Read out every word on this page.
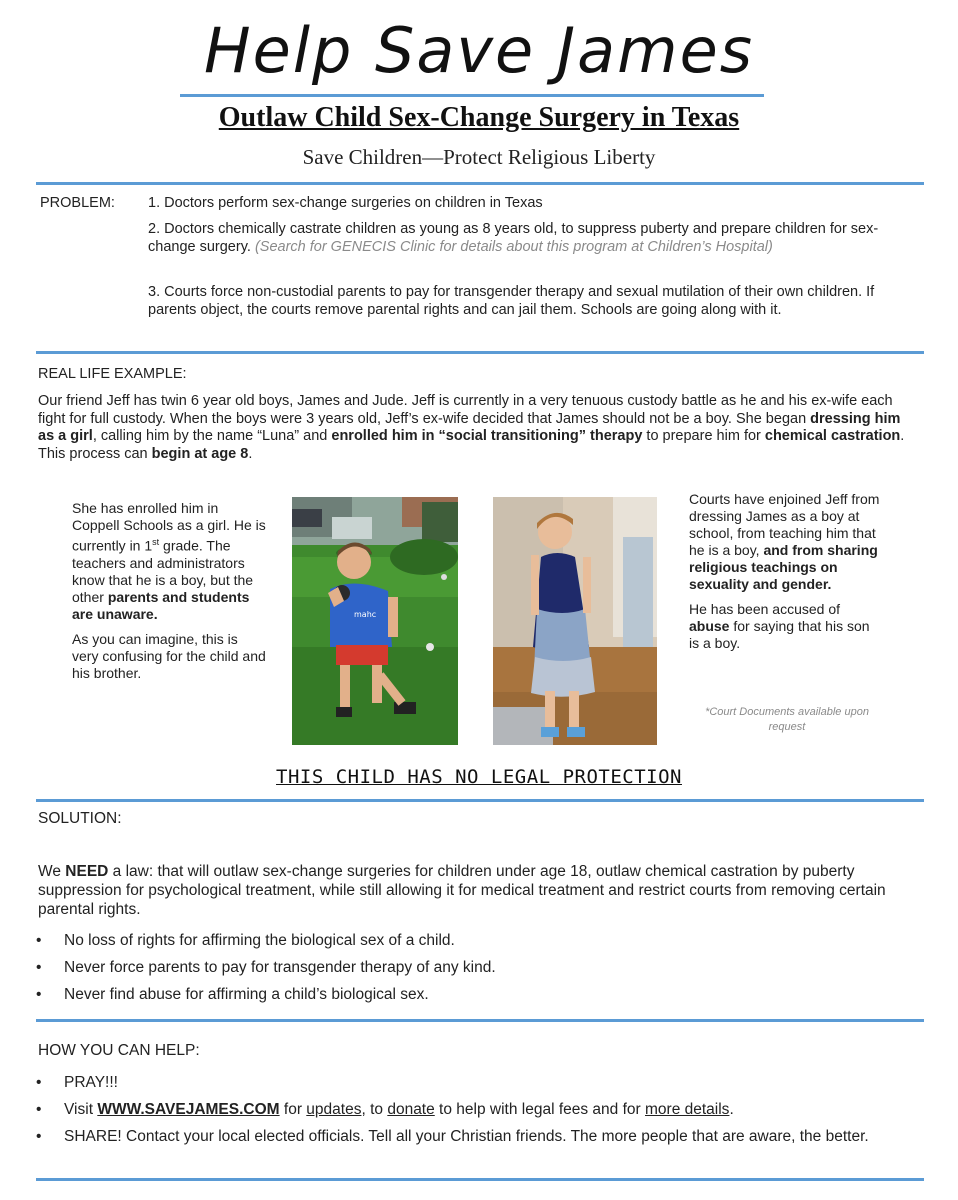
Help Save James
Outlaw Child Sex-Change Surgery in Texas
Save Children—Protect Religious Liberty
PROBLEM: 1. Doctors perform sex-change surgeries on children in Texas
2. Doctors chemically castrate children as young as 8 years old, to suppress puberty and prepare children for sex-change surgery. (Search for GENECIS Clinic for details about this program at Children’s Hospital)
3. Courts force non-custodial parents to pay for transgender therapy and sexual mutilation of their own children. If parents object, the courts remove parental rights and can jail them. Schools are going along with it.
REAL LIFE EXAMPLE:
Our friend Jeff has twin 6 year old boys, James and Jude. Jeff is currently in a very tenuous custody battle as he and his ex-wife each fight for full custody. When the boys were 3 years old, Jeff’s ex-wife decided that James should not be a boy. She began dressing him as a girl, calling him by the name “Luna” and enrolled him in “social transitioning” therapy to prepare him for chemical castration. This process can begin at age 8.
She has enrolled him in Coppell Schools as a girl. He is currently in 1st grade. The teachers and administrators know that he is a boy, but the other parents and students are unaware.
As you can imagine, this is very confusing for the child and his brother.
mahc
Courts have enjoined Jeff from dressing James as a boy at school, from teaching him that he is a boy, and from sharing religious teachings on sexuality and gender.
He has been accused of abuse for saying that his son is a boy.
*Court Documents available upon request
THIS CHILD HAS NO LEGAL PROTECTION
SOLUTION:
We NEED a law: that will outlaw sex-change surgeries for children under age 18, outlaw chemical castration by puberty suppression for psychological treatment, while still allowing it for medical treatment and restrict courts from removing certain parental rights.
• No loss of rights for affirming the biological sex of a child.
• Never force parents to pay for transgender therapy of any kind.
• Never find abuse for affirming a child’s biological sex.
HOW YOU CAN HELP:
• PRAY!!!
• Visit WWW.SAVEJAMES.COM for updates, to donate to help with legal fees and for more details.
• SHARE! Contact your local elected officials. Tell all your Christian friends. The more people that are aware, the better.
